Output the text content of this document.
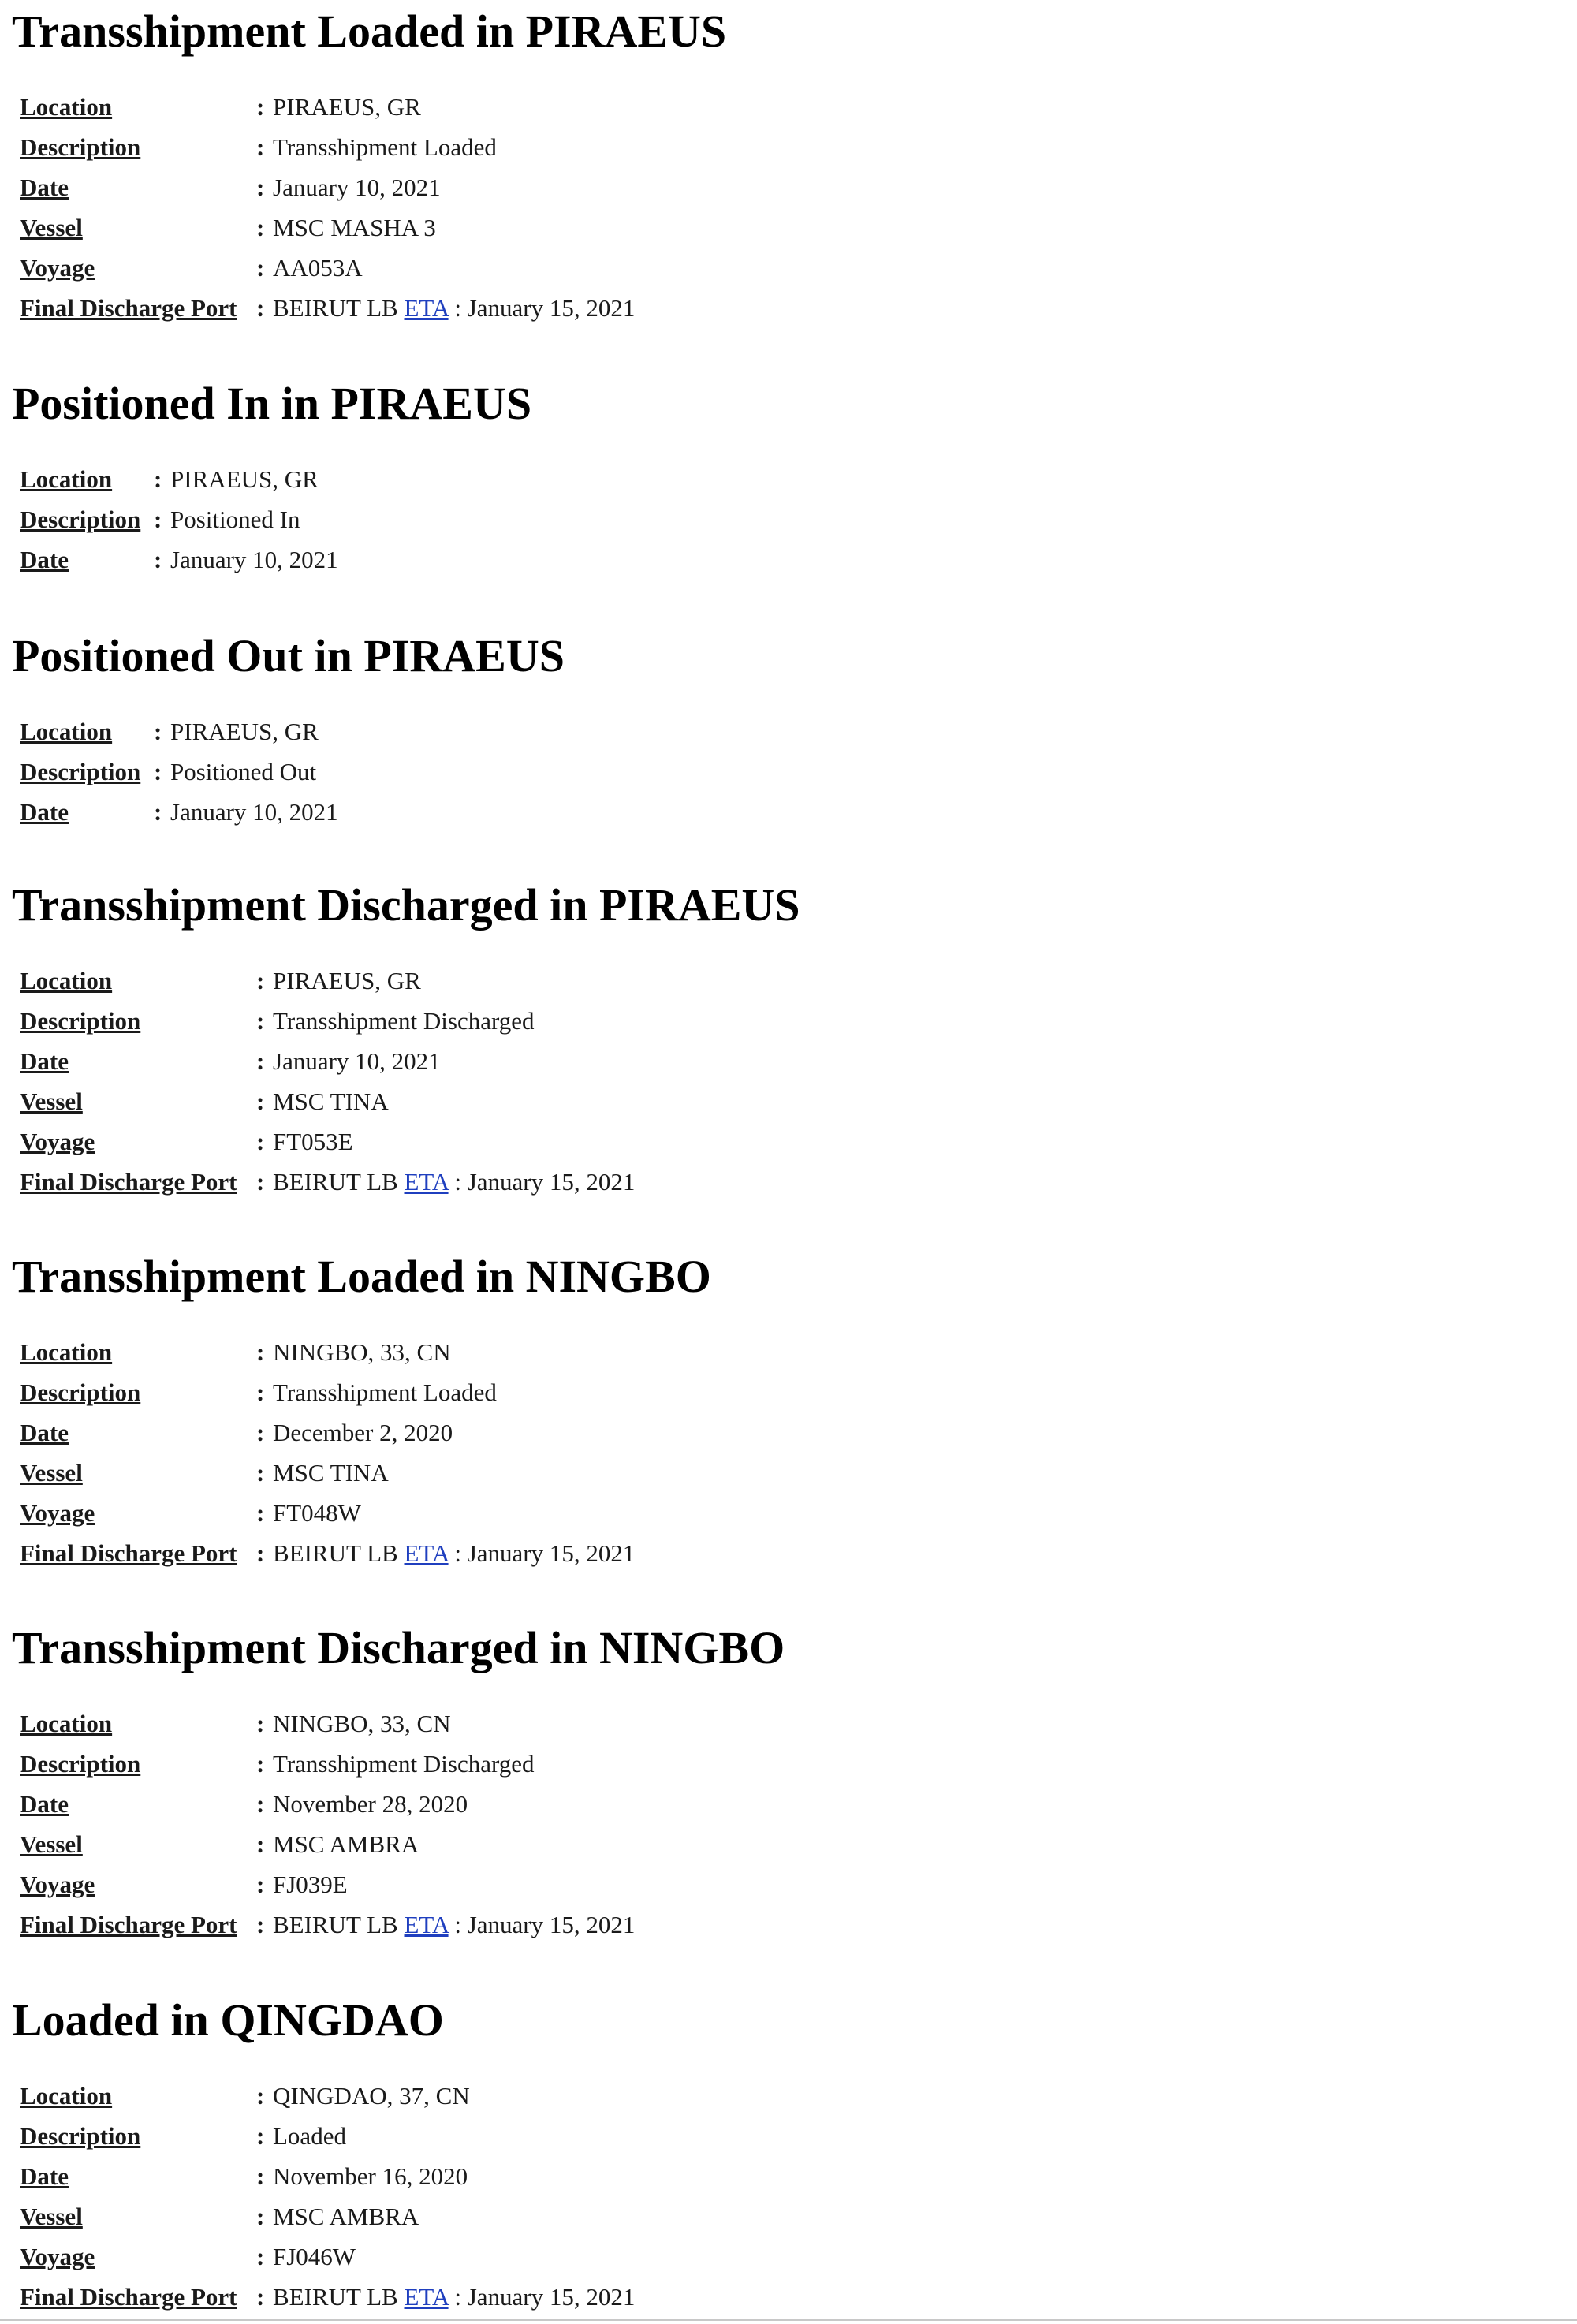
Transshipment Loaded in PIRAEUS
Location	: PIRAEUS, GR
Description	: Transshipment Loaded
Date	: January 10, 2021
Vessel	: MSC MASHA 3
Voyage	: AA053A
Final Discharge Port : BEIRUT LB ETA : January 15, 2021
Positioned In in PIRAEUS
Location : PIRAEUS, GR
Description : Positioned In
Date	: January 10, 2021
Positioned Out in PIRAEUS
Location : PIRAEUS, GR
Description : Positioned Out
Date	: January 10, 2021
Transshipment Discharged in PIRAEUS
Location	: PIRAEUS, GR
Description	: Transshipment Discharged
Date	: January 10, 2021
Vessel	: MSC TINA
Voyage	: FT053E
Final Discharge Port : BEIRUT LB ETA : January 15, 2021
Transshipment Loaded in NINGBO
Location	: NINGBO, 33, CN
Description	: Transshipment Loaded
Date	: December 2, 2020
Vessel	: MSC TINA
Voyage	: FT048W
Final Discharge Port : BEIRUT LB ETA : January 15, 2021
Transshipment Discharged in NINGBO
Location	: NINGBO, 33, CN
Description	: Transshipment Discharged
Date	: November 28, 2020
Vessel	: MSC AMBRA
Voyage	: FJ039E
Final Discharge Port : BEIRUT LB ETA : January 15, 2021
Loaded in QINGDAO
Location	: QINGDAO, 37, CN
Description	: Loaded
Date	: November 16, 2020
Vessel	: MSC AMBRA
Voyage	: FJ046W
Final Discharge Port : BEIRUT LB ETA : January 15, 2021
